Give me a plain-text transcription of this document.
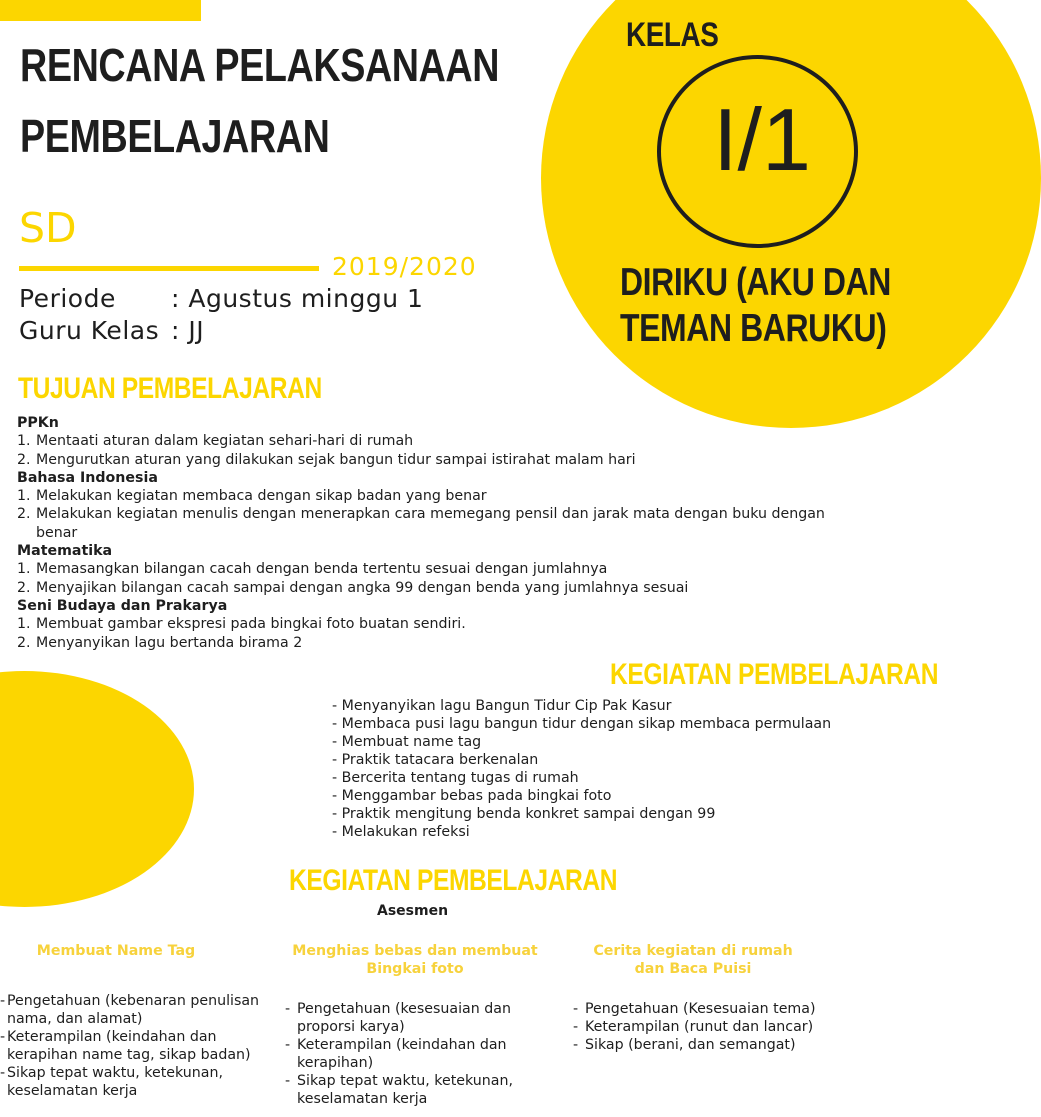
RENCANA PELAKSANAAN
PEMBELAJARAN
KELAS
I/1
DIRIKU (AKU DAN
TEMAN BARUKU)
SD
2019/2020
Periode : Agustus minggu 1
Guru Kelas : JJ
TUJUAN PEMBELAJARAN
PPKn
1. Mentaati aturan dalam kegiatan sehari-hari di rumah
2. Mengurutkan aturan yang dilakukan sejak bangun tidur sampai istirahat malam hari
Bahasa Indonesia
1. Melakukan kegiatan membaca dengan sikap badan yang benar
2. Melakukan kegiatan menulis dengan menerapkan cara memegang pensil dan jarak mata dengan buku dengan benar
Matematika
1. Memasangkan bilangan cacah dengan benda tertentu sesuai dengan jumlahnya
2. Menyajikan bilangan cacah sampai dengan angka 99 dengan benda yang jumlahnya sesuai
Seni Budaya dan Prakarya
1. Membuat gambar ekspresi pada bingkai foto buatan sendiri.
2. Menyanyikan lagu bertanda birama 2
KEGIATAN PEMBELAJARAN
- Menyanyikan lagu Bangun Tidur Cip Pak Kasur
- Membaca pusi lagu bangun tidur dengan sikap membaca permulaan
- Membuat name tag
- Praktik tatacara berkenalan
- Bercerita tentang tugas di rumah
- Menggambar bebas pada bingkai foto
- Praktik mengitung benda konkret sampai dengan 99
- Melakukan refeksi
KEGIATAN PEMBELAJARAN
Asesmen
Membuat Name Tag
- Pengetahuan (kebenaran penulisan nama, dan alamat)
- Keterampilan (keindahan dan kerapihan name tag, sikap badan)
- Sikap tepat waktu, ketekunan, keselamatan kerja
Menghias bebas dan membuat
Bingkai foto
- Pengetahuan (kesesuaian dan proporsi karya)
- Keterampilan (keindahan dan kerapihan)
- Sikap tepat waktu, ketekunan, keselamatan kerja
Cerita kegiatan di rumah
dan Baca Puisi
- Pengetahuan (Kesesuaian tema)
- Keterampilan (runut dan lancar)
- Sikap (berani, dan semangat)
